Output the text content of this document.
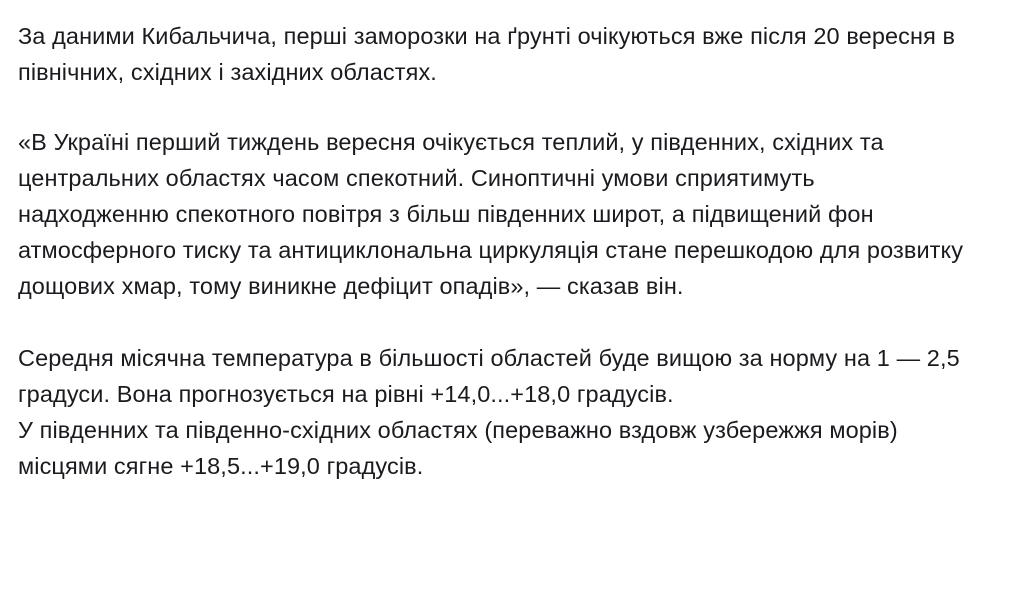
За даними Кибальчича, перші заморозки на ґрунті очікуються вже після 20 вересня в північних, східних і західних областях.

«В Україні перший тиждень вересня очікується теплий, у південних, східних та центральних областях часом спекотний. Синоптичні умови сприятимуть надходженню спекотного повітря з більш південних широт, а підвищений фон атмосферного тиску та антициклональна циркуляція стане перешкодою для розвитку дощових хмар, тому виникне дефіцит опадів», — сказав він.

Середня місячна температура в більшості областей буде вищою за норму на 1 — 2,5 градуси. Вона прогнозується на рівні +14,0...+18,0 градусів.
У південних та південно-східних областях (переважно вздовж узбережжя морів) місцями сягне +18,5...+19,0 градусів.
